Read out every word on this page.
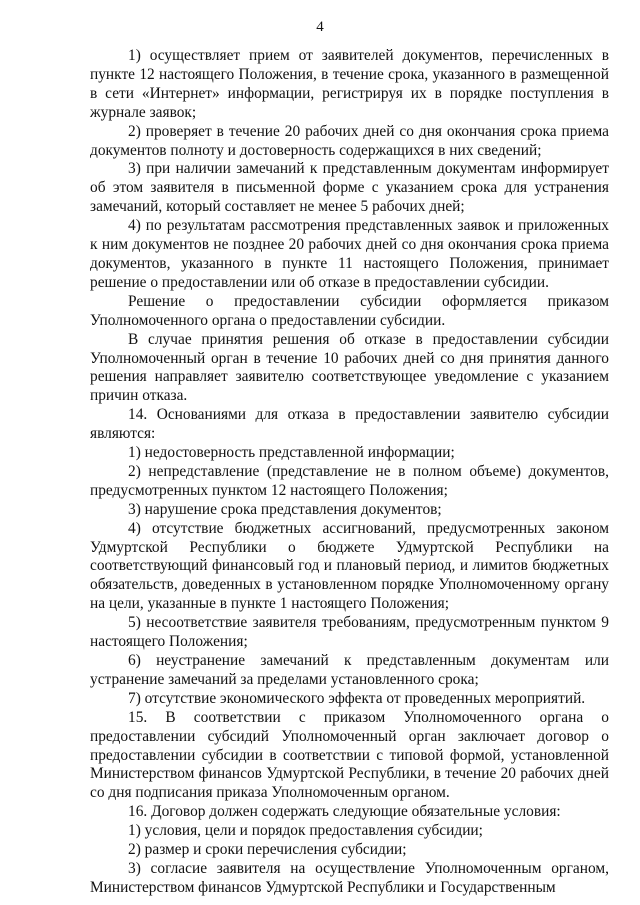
4

1) осуществляет прием от заявителей документов, перечисленных в пункте 12 настоящего Положения, в течение срока, указанного в размещенной в сети «Интернет» информации, регистрируя их в порядке поступления в журнале заявок;

2) проверяет в течение 20 рабочих дней со дня окончания срока приема документов полноту и достоверность содержащихся в них сведений;

3) при наличии замечаний к представленным документам информирует об этом заявителя в письменной форме с указанием срока для устранения замечаний, который составляет не менее 5 рабочих дней;

4) по результатам рассмотрения представленных заявок и приложенных к ним документов не позднее 20 рабочих дней со дня окончания срока приема документов, указанного в пункте 11 настоящего Положения, принимает решение о предоставлении или об отказе в предоставлении субсидии.

Решение о предоставлении субсидии оформляется приказом Уполномоченного органа о предоставлении субсидии.

В случае принятия решения об отказе в предоставлении субсидии Уполномоченный орган в течение 10 рабочих дней со дня принятия данного решения направляет заявителю соответствующее уведомление с указанием причин отказа.

14. Основаниями для отказа в предоставлении заявителю субсидии являются:

1) недостоверность представленной информации;

2) непредставление (представление не в полном объеме) документов, предусмотренных пунктом 12 настоящего Положения;

3) нарушение срока представления документов;

4) отсутствие бюджетных ассигнований, предусмотренных законом Удмуртской Республики о бюджете Удмуртской Республики на соответствующий финансовый год и плановый период, и лимитов бюджетных обязательств, доведенных в установленном порядке Уполномоченному органу на цели, указанные в пункте 1 настоящего Положения;

5) несоответствие заявителя требованиям, предусмотренным пунктом 9 настоящего Положения;

6) неустранение замечаний к представленным документам или устранение замечаний за пределами установленного срока;

7) отсутствие экономического эффекта от проведенных мероприятий.

15. В соответствии с приказом Уполномоченного органа о предоставлении субсидий Уполномоченный орган заключает договор о предоставлении субсидии в соответствии с типовой формой, установленной Министерством финансов Удмуртской Республики, в течение 20 рабочих дней со дня подписания приказа Уполномоченным органом.

16. Договор должен содержать следующие обязательные условия:

1) условия, цели и порядок предоставления субсидии;

2) размер и сроки перечисления субсидии;

3) согласие заявителя на осуществление Уполномоченным органом, Министерством финансов Удмуртской Республики и Государственным
